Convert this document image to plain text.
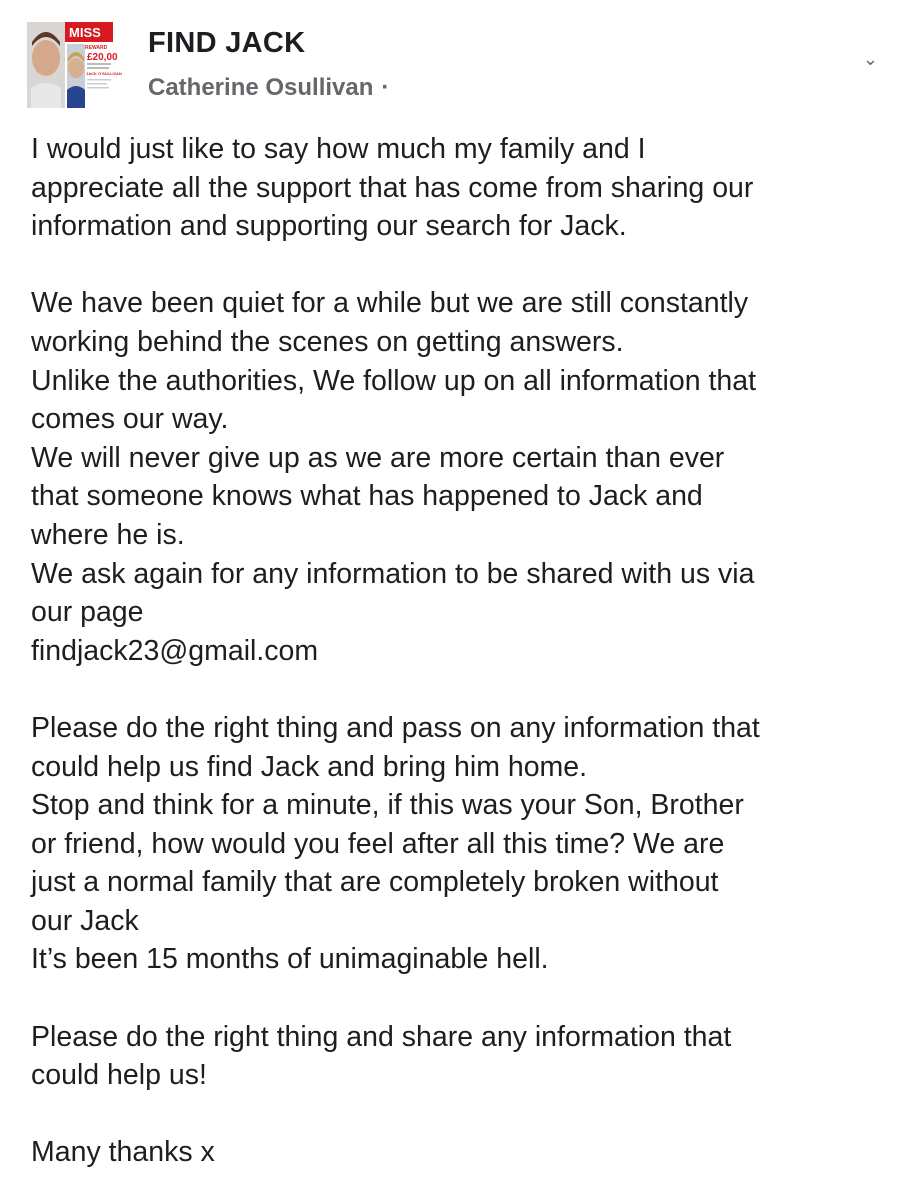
MISS
REWARD
£20,00
JACK O'SULLIVAN
FIND JACK
Catherine Osullivan ·
⌄
I would just like to say how much my family and I
appreciate all the support that has come from sharing our
information and supporting our search for Jack.
We have been quiet for a while but we are still constantly
working behind the scenes on getting answers.
Unlike the authorities, We follow up on all information that
comes our way.
We will never give up as we are more certain than ever
that someone knows what has happened to Jack and
where he is.
We ask again for any information to be shared with us via
our page
findjack23@gmail.com
Please do the right thing and pass on any information that
could help us find Jack and bring him home.
Stop and think for a minute, if this was your Son, Brother
or friend, how would you feel after all this time? We are
just a normal family that are completely broken without
our Jack
It’s been 15 months of unimaginable hell.
Please do the right thing and share any information that
could help us!
Many thanks x
